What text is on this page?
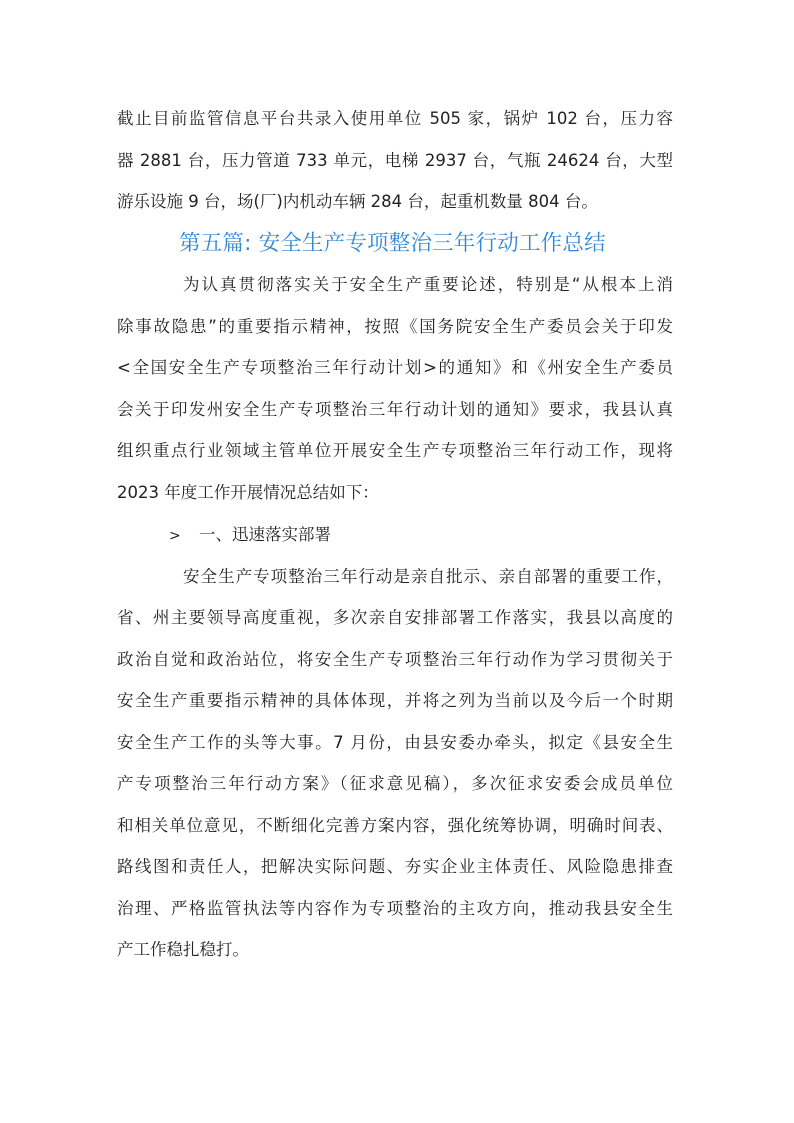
截止目前监管信息平台共录入使用单位 505 家，锅炉 102 台，压力容
器 2881 台，压力管道 733 单元，电梯 2937 台，气瓶 24624 台，大型
游乐设施 9 台，场(厂)内机动车辆 284 台，起重机数量 804 台。
第五篇: 安全生产专项整治三年行动工作总结
为认真贯彻落实关于安全生产重要论述，特别是“从根本上消
除事故隐患”的重要指示精神，按照《国务院安全生产委员会关于印发
<全国安全生产专项整治三年行动计划>的通知》和《州安全生产委员
会关于印发州安全生产专项整治三年行动计划的通知》要求，我县认真
组织重点行业领域主管单位开展安全生产专项整治三年行动工作，现将
2023 年度工作开展情况总结如下：
> 一、迅速落实部署
安全生产专项整治三年行动是亲自批示、亲自部署的重要工作，
省、州主要领导高度重视，多次亲自安排部署工作落实，我县以高度的
政治自觉和政治站位，将安全生产专项整治三年行动作为学习贯彻关于
安全生产重要指示精神的具体体现，并将之列为当前以及今后一个时期
安全生产工作的头等大事。7 月份，由县安委办牵头，拟定《县安全生
产专项整治三年行动方案》（征求意见稿），多次征求安委会成员单位
和相关单位意见，不断细化完善方案内容，强化统筹协调，明确时间表、
路线图和责任人，把解决实际问题、夯实企业主体责任、风险隐患排查
治理、严格监管执法等内容作为专项整治的主攻方向，推动我县安全生
产工作稳扎稳打。
